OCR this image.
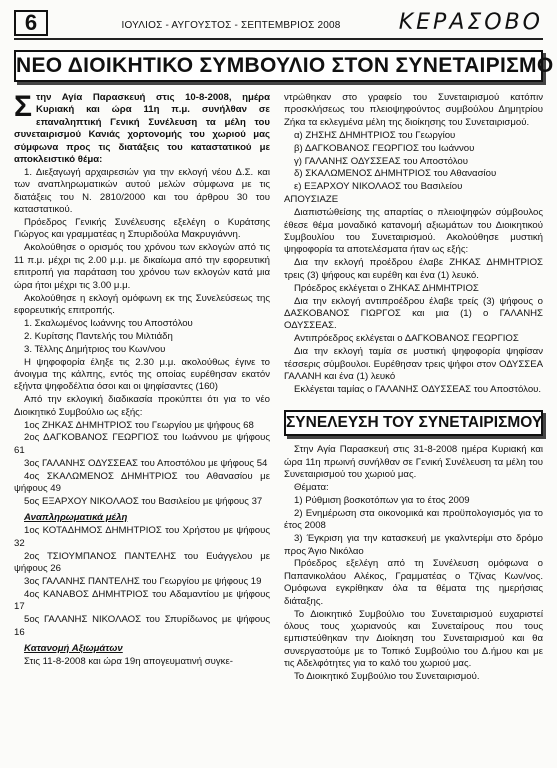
6	ΙΟΥΛΙΟΣ - ΑΥΓΟΥΣΤΟΣ - ΣΕΠΤΕΜΒΡΙΟΣ 2008	ΚΕΡΑΣΟΒΟ
ΝΕΟ ΔΙΟΙΚΗΤΙΚΟ ΣΥΜΒΟΥΛΙΟ ΣΤΟΝ ΣΥΝΕΤΑΙΡΙΣΜΟ

Στην Αγία Παρασκευή στις 10-8-2008, ημέρα Κυριακή και ώρα 11η π.μ. συνήλθαν σε επαναληπτική Γενική Συνέλευση τα μέλη του συνεταιρισμού Κανιάς χορτονομής του χωριού μας σύμφωνα προς τις διατάξεις του καταστατικού με αποκλειστικό θέμα:

1. Διεξαγωγή αρχαιρεσιών για την εκλογή νέου Δ.Σ. και των αναπληρωματικών αυτού μελών σύμφωνα με τις διατάξεις του Ν. 2810/2000 και του άρθρου 30 του καταστατικού.

Πρόεδρος Γενικής Συνέλευσης εξελέγη ο Κυράτσης Γιώργος και γραμματέας η Σπυριδούλα Μακρυγιάννη.

Ακολούθησε ο ορισμός του χρόνου των εκλογών από τις 11 π.μ. μέχρι τις 2.00 μ.μ. με δικαίωμα από την εφορευτική επιτροπή για παράταση του χρόνου των εκλογών κατά μια ώρα ήτοι μέχρι τις 3.00 μ.μ.

Ακολούθησε η εκλογή ομόφωνη εκ της Συνελεύσεως της εφορευτικής επιτροπής.

1. Σκαλωμένος Ιωάννης του Αποστόλου

2. Κυρίτσης Παντελής του Μιλτιάδη

3. Τέλλης Δημήτριος του Κων/νου

Η ψηφοφορία έληξε τις 2.30 μ.μ. ακολούθως έγινε το άνοιγμα της κάλπης, εντός της οποίας ευρέθησαν εκατόν εξήντα ψηφοδέλτια όσοι και οι ψηφίσαντες (160)

Από την εκλογική διαδικασία προκύπτει ότι για το νέο Διοικητικό Συμβούλιο ως εξής:

1ος ΖΗΚΑΣ ΔΗΜΗΤΡΙΟΣ του Γεωργίου με ψήφους 68

2ος ΔΑΓΚΟΒΑΝΟΣ ΓΕΩΡΓΙΟΣ του Ιωάννου με ψήφους 61

3ος ΓΑΛΑΝΗΣ ΟΔΥΣΣΕΑΣ του Αποστόλου με ψήφους 54

4ος ΣΚΑΛΩΜΕΝΟΣ ΔΗΜΗΤΡΙΟΣ του Αθανασίου με ψήφους 49

5ος ΕΞΑΡΧΟΥ ΝΙΚΟΛΑΟΣ του Βασιλείου με ψήφους 37

Αναπληρωματικά μέλη

1ος ΚΟΤΑΔΗΜΟΣ ΔΗΜΗΤΡΙΟΣ του Χρήστου με ψήφους 32

2ος ΤΣΙΟΥΜΠΑΝΟΣ ΠΑΝΤΕΛΗΣ του Ευάγγελου με ψήφους 26

3ος ΓΑΛΑΝΗΣ ΠΑΝΤΕΛΗΣ του Γεωργίου με ψήφους 19

4ος ΚΑΝΑΒΟΣ ΔΗΜΗΤΡΙΟΣ του Αδαμαντίου με ψήφους 17

5ος ΓΑΛΑΝΗΣ ΝΙΚΟΛΑΟΣ του Σπυρίδωνος με ψήφους 16

Κατανομή Αξιωμάτων

Στις 11-8-2008 και ώρα 19η απογευματινή συγκε-

ντρώθηκαν στο γραφείο του Συνεταιρισμού κατόπιν προσκλήσεως του πλειοψηφούντος συμβούλου Δημητρίου Ζήκα τα εκλεγμένα μέλη της διοίκησης του Συνεταιρισμού.

α) ΖΗΣΗΣ ΔΗΜΗΤΡΙΟΣ του Γεωργίου

β) ΔΑΓΚΟΒΑΝΟΣ ΓΕΩΡΓΙΟΣ του Ιωάννου

γ) ΓΑΛΑΝΗΣ ΟΔΥΣΣΕΑΣ του Αποστόλου

δ) ΣΚΑΛΩΜΕΝΟΣ ΔΗΜΗΤΡΙΟΣ του Αθανασίου

ε) ΕΞΑΡΧΟΥ ΝΙΚΟΛΑΟΣ του Βασιλείου

ΑΠΟΥΣΙΑΖΕ

Διαπιστώθείσης της απαρτίας ο πλειοψηφών σύμβουλος έθεσε θέμα μοναδικό κατανομή αξιωμάτων του Διοικητικού Συμβουλίου του Συνεταιρισμού. Ακολούθησε μυστική ψηφοφορία τα αποτελέσματα ήταν ως εξής:

Δια την εκλογή προέδρου έλαβε ΖΗΚΑΣ ΔΗΜΗΤΡΙΟΣ τρεις (3) ψήφους και ευρέθη και ένα (1) λευκό.

Πρόεδρος εκλέγεται ο ΖΗΚΑΣ ΔΗΜΗΤΡΙΟΣ

Δια την εκλογή αντιπροέδρου έλαβε τρείς (3) ψήφους ο ΔΑΣΚΟΒΑΝΟΣ ΓΙΩΡΓΟΣ και μια (1) ο ΓΑΛΑΝΗΣ ΟΔΥΣΣΕΑΣ.

Αντιπρόεδρος εκλέγεται ο ΔΑΓΚΟΒΑΝΟΣ ΓΕΩΡΓΙΟΣ

Δια την εκλογή ταμία σε μυστική ψηφοφορία ψηφίσαν τέσσερις σύμβουλοι. Ευρέθησαν τρεις ψήφοι στον ΟΔΥΣΣΕΑ ΓΑΛΑΝΗ και ένα (1) λευκό

Εκλέγεται ταμίας ο ΓΑΛΑΝΗΣ ΟΔΥΣΣΕΑΣ του Αποστόλου.

ΣΥΝΕΛΕΥΣΗ ΤΟΥ ΣΥΝΕΤΑΙΡΙΣΜΟΥ

Στην Αγία Παρασκευή στις 31-8-2008 ημέρα Κυριακή και ώρα 11η πρωινή συνήλθαν σε Γενική Συνέλευση τα μέλη του Συνεταιρισμού του χωριού μας.

Θέματα:

1) Ρύθμιση βοσκοτόπων για το έτος 2009

2) Ενημέρωση στα οικονομικά και προϋπολογισμός για το έτος 2008

3) Έγκριση για την κατασκευή με γκαλντερίμι στο δρόμο προς Άγιο Νικόλαο

Πρόεδρος εξελέγη από τη Συνέλευση ομόφωνα ο Παπανικολάου Αλέκος, Γραμματέας ο Τζίνας Κων/νος. Ομόφωνα εγκρίθηκαν όλα τα θέματα της ημερήσιας διάταξης.

Το Διοικητικό Συμβούλιο του Συνεταιρισμού ευχαριστεί όλους τους χωριανούς και Συνεταίρους που τους εμπιστεύθηκαν την Διοίκηση του Συνεταιρισμού και θα συνεργαστούμε με το Τοπικό Συμβούλιο του Δ.ήμου και με τις Αδελφότητες για το καλό του χωριού μας.

Το Διοικητικό Συμβούλιο του Συνεταιρισμού.
